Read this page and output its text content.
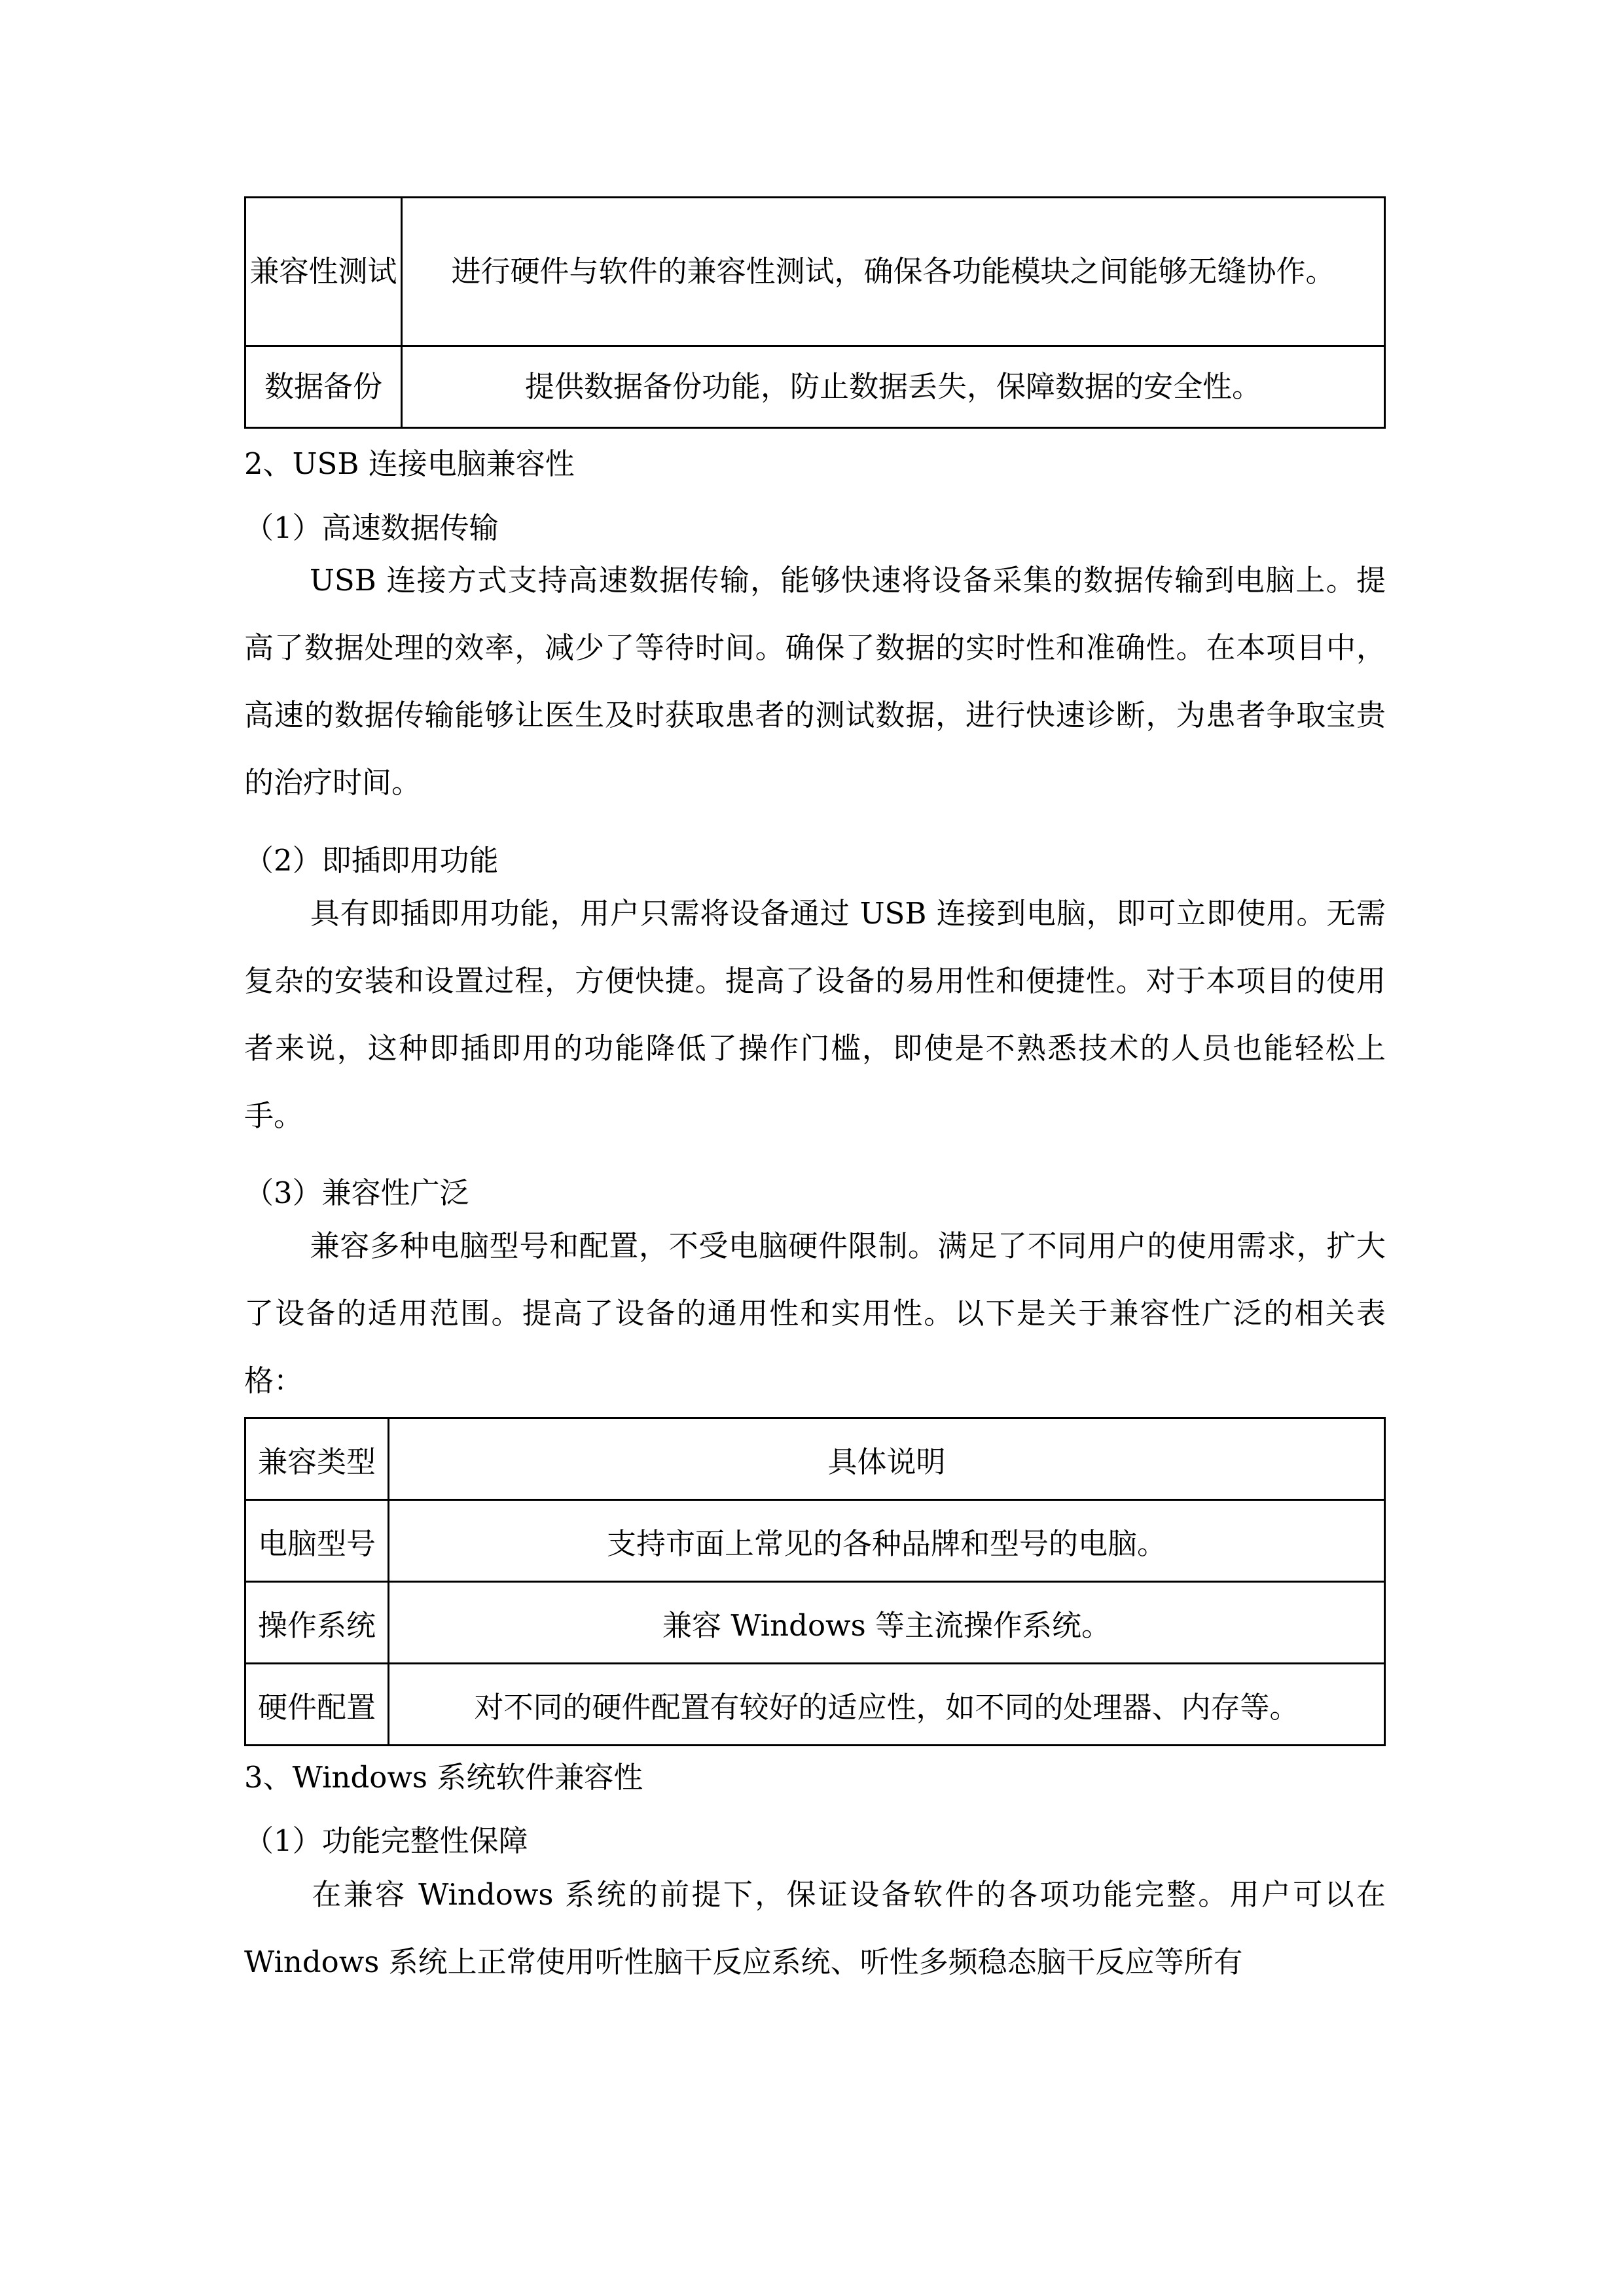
兼容性测试	进行硬件与软件的兼容性测试，确保各功能模块之间能够无缝协作。
数据备份	提供数据备份功能，防止数据丢失，保障数据的安全性。
2、USB 连接电脑兼容性
（1）高速数据传输
USB 连接方式支持高速数据传输，能够快速将设备采集的数据传输到电脑上。提高了数据处理的效率，减少了等待时间。确保了数据的实时性和准确性。在本项目中，高速的数据传输能够让医生及时获取患者的测试数据，进行快速诊断，为患者争取宝贵的治疗时间。
（2）即插即用功能
具有即插即用功能，用户只需将设备通过 USB 连接到电脑，即可立即使用。无需复杂的安装和设置过程，方便快捷。提高了设备的易用性和便捷性。对于本项目的使用者来说，这种即插即用的功能降低了操作门槛，即使是不熟悉技术的人员也能轻松上手。
（3）兼容性广泛
兼容多种电脑型号和配置，不受电脑硬件限制。满足了不同用户的使用需求，扩大了设备的适用范围。提高了设备的通用性和实用性。以下是关于兼容性广泛的相关表格：
兼容类型	具体说明
电脑型号	支持市面上常见的各种品牌和型号的电脑。
操作系统	兼容 Windows 等主流操作系统。
硬件配置	对不同的硬件配置有较好的适应性，如不同的处理器、内存等。
3、Windows 系统软件兼容性
（1）功能完整性保障
在兼容 Windows 系统的前提下，保证设备软件的各项功能完整。用户可以在 Windows 系统上正常使用听性脑干反应系统、听性多频稳态脑干反应等所有
